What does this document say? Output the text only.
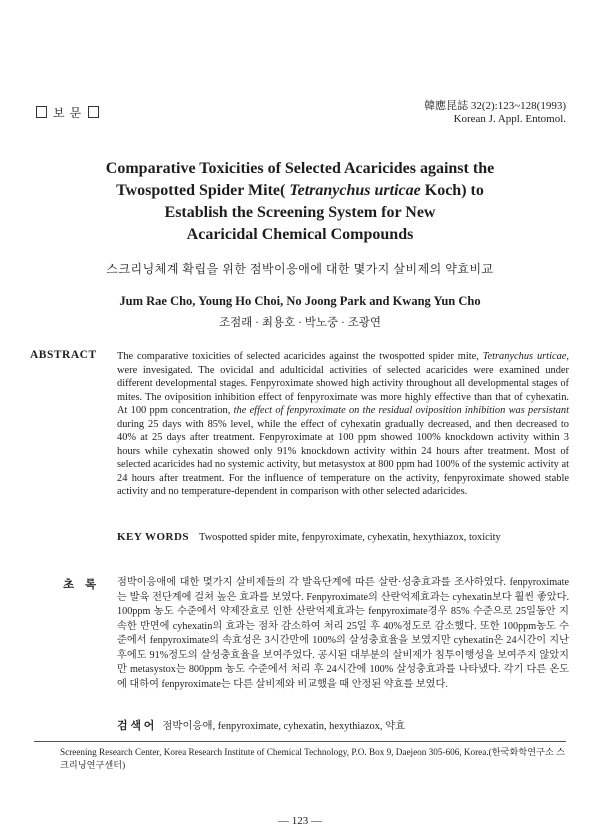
보 문	韓應昆誌 32(2):123~128(1993)
Korean J. Appl. Entomol.
Comparative Toxicities of Selected Acaricides against the
Twospotted Spider Mite( Tetranychus urticae Koch) to
Establish the Screening System for New
Acaricidal Chemical Compounds
스크리닝체계 확립을 위한 점박이응애에 대한 몇가지 살비제의 약효비교
Jum Rae Cho, Young Ho Choi, No Joong Park and Kwang Yun Cho
조점래 · 최용호 · 박노중 · 조광연
ABSTRACT The comparative toxicities of selected acaricides against the twospotted spider mite, Tetranychus urticae, were invesigated. The ovicidal and adulticidal activities of selected acaricides were examined under different developmental stages. Fenpyroximate showed high activity throughout all developmental stages of mites. The oviposition inhibition effect of fenpyroximate was more highly effective than that of cyhexatin. At 100 ppm concentration, the effect of fenpyroximate on the residual oviposition inhibition was persistant during 25 days with 85% level, while the effect of cyhexatin gradually decreased, and then decreased to 40% at 25 days after treatment. Fenpyroximate at 100 ppm showed 100% knockdown activity within 3 hours while cyhexatin showed only 91% knockdown activity within 24 hours after treatment. Most of selected acaricides had no systemic activity, but metasystox at 800 ppm had 100% of the systemic activity at 24 hours after treatment. For the influence of temperature on the activity, fenpyroximate showed stable activity and no temperature-dependent in comparison with other selected adaricides.
KEY WORDS Twospotted spider mite, fenpyroximate, cyhexatin, hexythiazox, toxicity
초 록	점박이응애에 대한 몇가지 살비제들의 각 발육단계에 따른 살란·성충효과를 조사하였다. fenpyroximate는 발육 전단계에 걸쳐 높은 효과를 보였다. Fenpyroximate의 산란억제효과는 cyhexatin보다 훨씬 좋았다. 100ppm 농도 수준에서 약제잔효로 인한 산란억제효과는 fenpyroximate경우 85% 수준으로 25일동안 지속한 반면에 cyhexatin의 효과는 점차 감소하여 처리 25일 후 40%정도로 감소했다. 또한 100ppm농도 수준에서 fenpyroximate의 속효성은 3시간만에 100%의 살성충효율을 보였지만 cyhexatin은 24시간이 지난 후에도 91%정도의 살성충효율을 보여주었다. 공시된 대부분의 살비제가 침투이행성을 보여주지 않았지만 metasystox는 800ppm 농도 수준에서 처리 후 24시간에 100% 살성충효과를 나타냈다. 각기 다른 온도에 대하여 fenpyroximate는 다른 살비제와 비교했을 때 안정된 약효를 보였다.
검 색 어 점박이응애, fenpyroximate, cyhexatin, hexythiazox, 약효
Screening Research Center, Korea Research Institute of Chemical Technology, P.O. Box 9, Daejeon 305-606, Korea.(한국화학연구소 스크리닝연구센터)
— 123 —
